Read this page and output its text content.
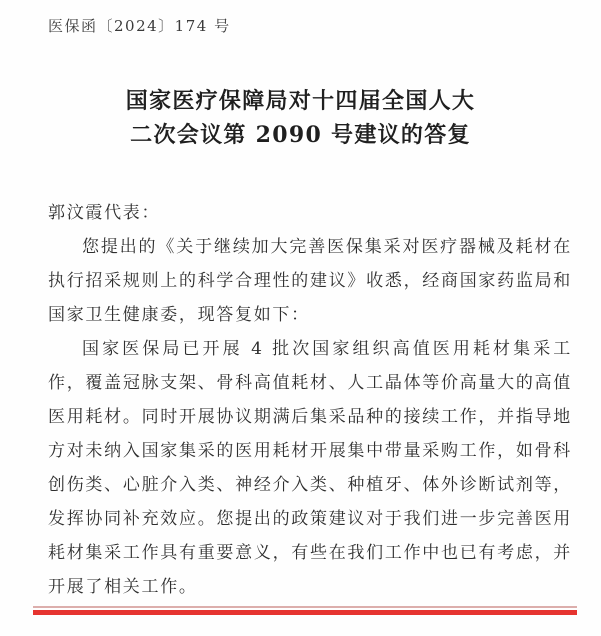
医保函〔2024〕174 号
国家医疗保障局对十四届全国人大
二次会议第 2090 号建议的答复

郭汶霞代表：

您提出的《关于继续加大完善医保集采对医疗器械及耗材在执行招采规则上的科学合理性的建议》收悉，经商国家药监局和国家卫生健康委，现答复如下：

国家医保局已开展 4 批次国家组织高值医用耗材集采工作，覆盖冠脉支架、骨科高值耗材、人工晶体等价高量大的高值医用耗材。同时开展协议期满后集采品种的接续工作，并指导地方对未纳入国家集采的医用耗材开展集中带量采购工作，如骨科创伤类、心脏介入类、神经介入类、种植牙、体外诊断试剂等，发挥协同补充效应。您提出的政策建议对于我们进一步完善医用耗材集采工作具有重要意义，有些在我们工作中也已有考虑，并开展了相关工作。
